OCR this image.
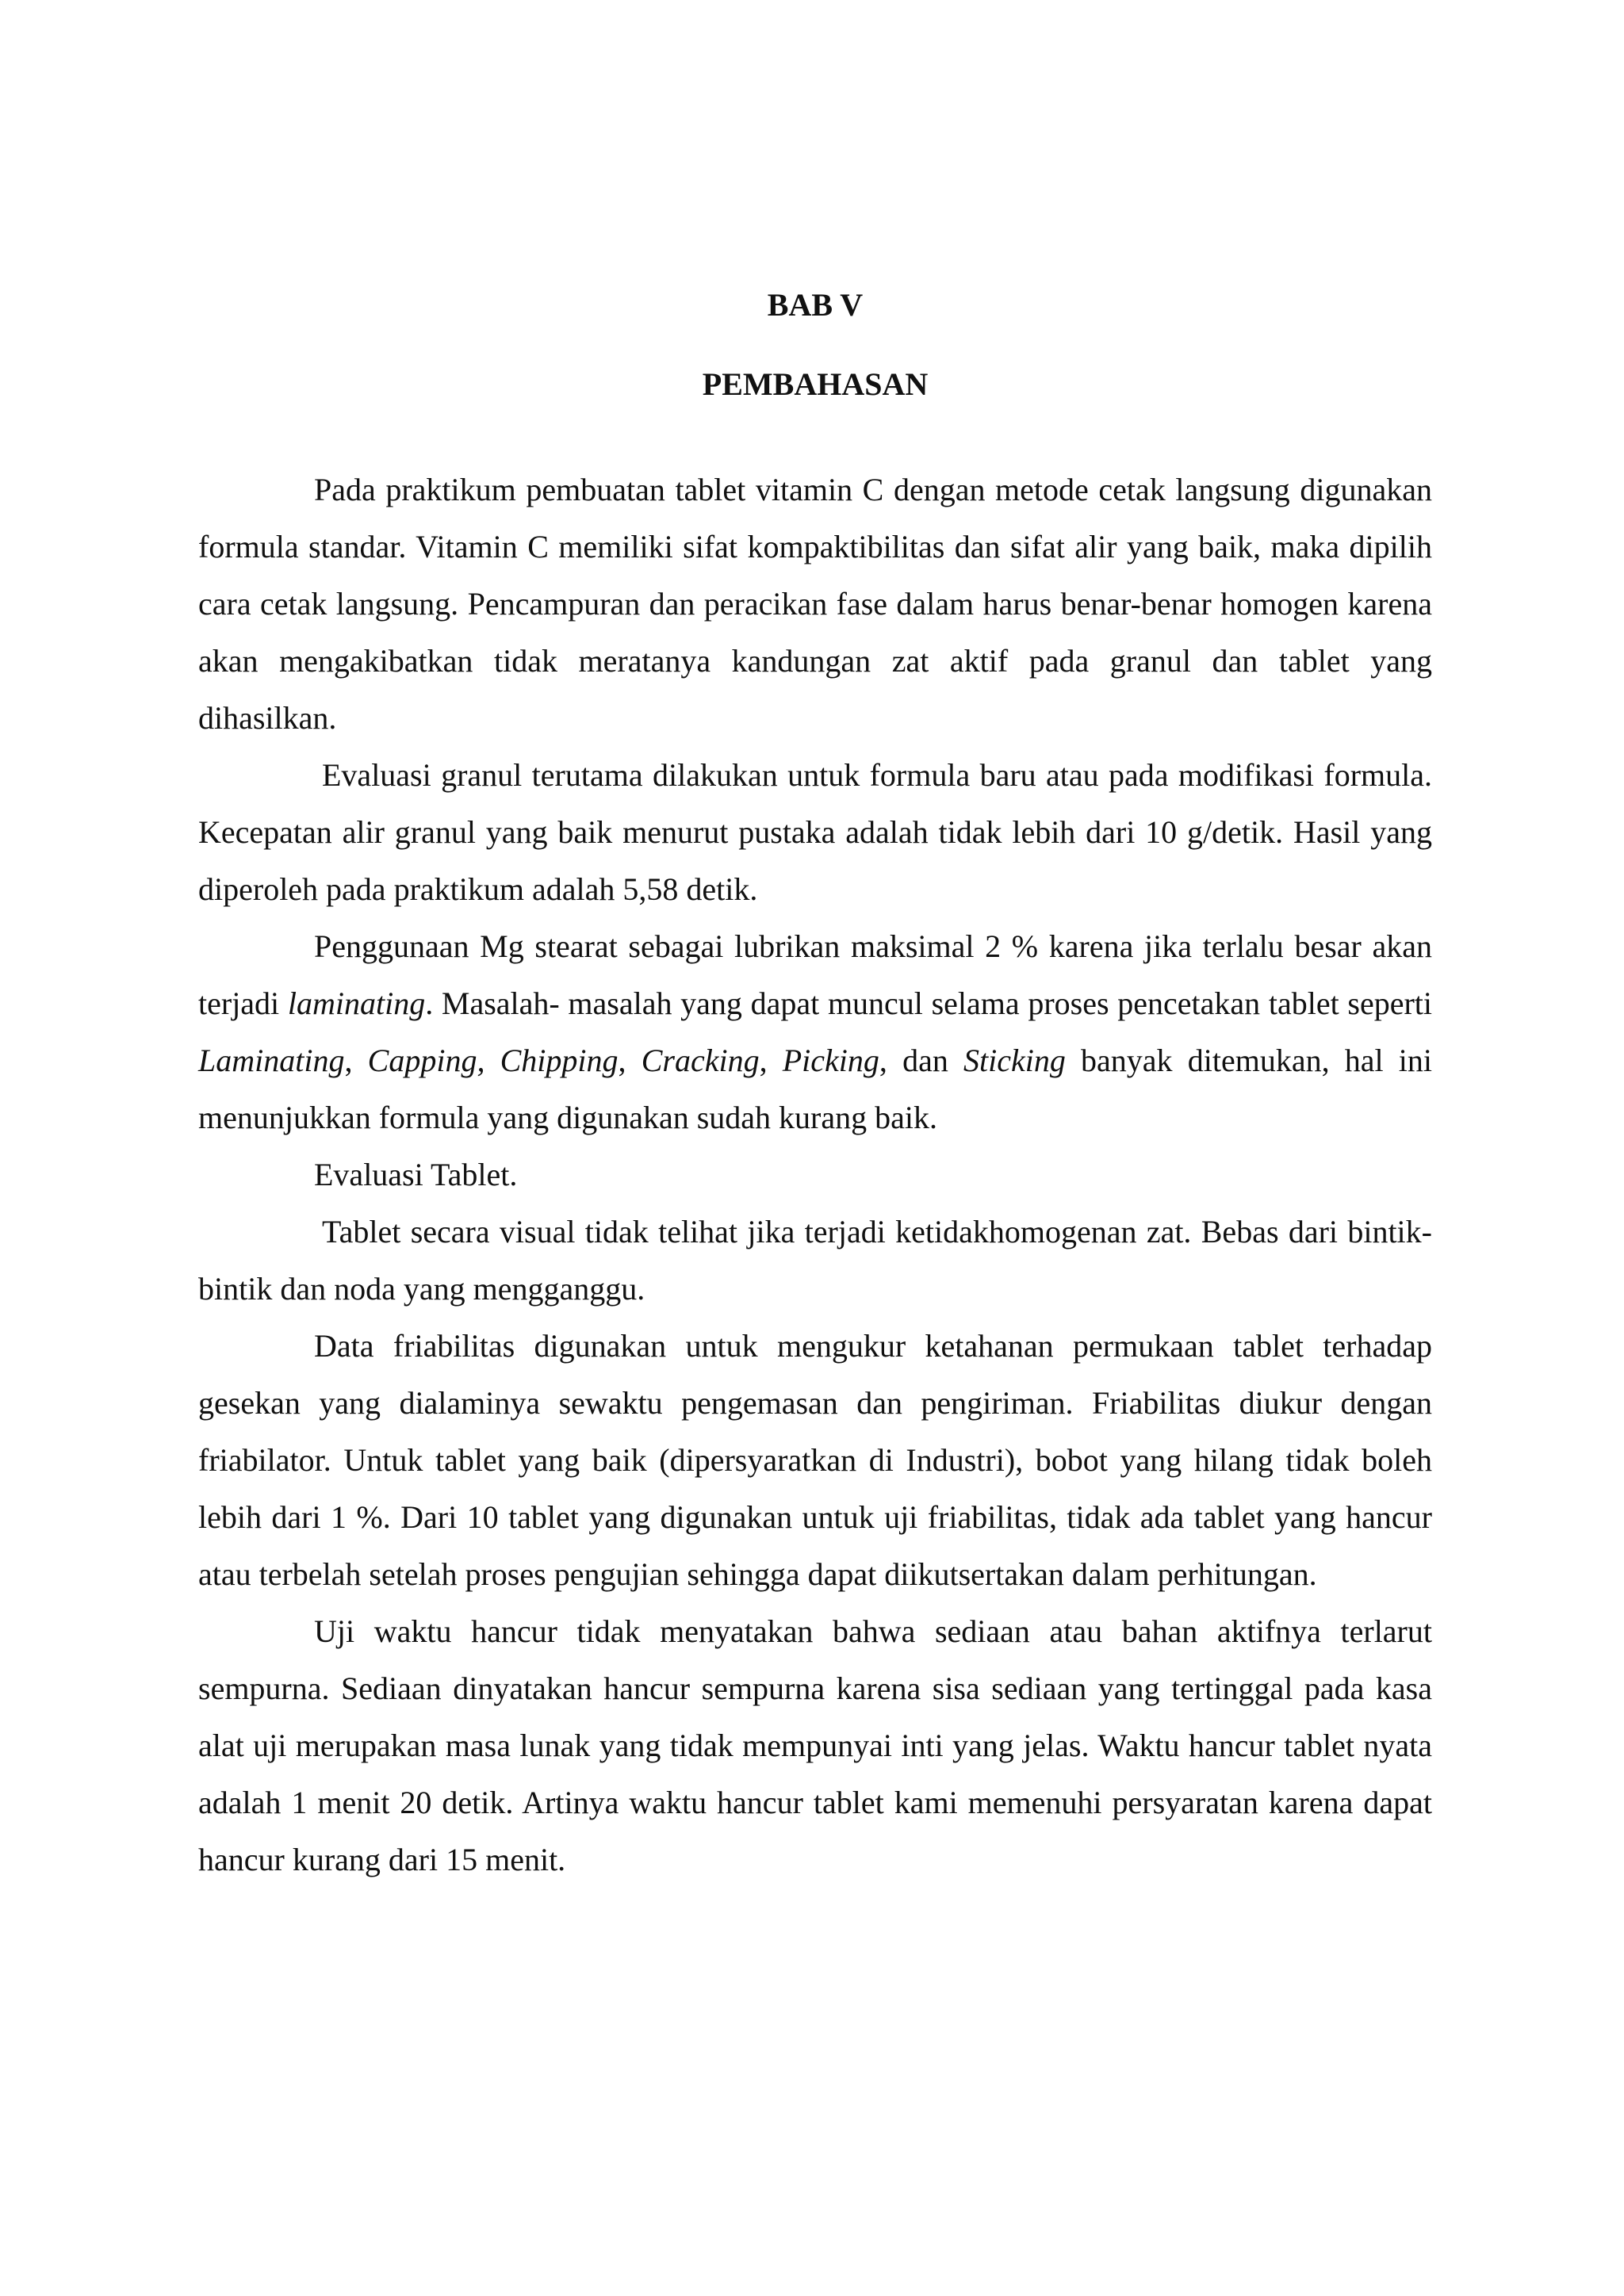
BAB V
PEMBAHASAN

Pada praktikum pembuatan tablet vitamin C dengan metode cetak langsung digunakan formula standar. Vitamin C memiliki sifat kompaktibilitas dan sifat alir yang baik, maka dipilih cara cetak langsung. Pencampuran dan peracikan fase dalam harus benar-benar homogen karena akan mengakibatkan tidak meratanya kandungan zat aktif pada granul dan tablet yang dihasilkan.

Evaluasi granul terutama dilakukan untuk formula baru atau pada modifikasi formula. Kecepatan alir granul yang baik menurut pustaka adalah tidak lebih dari 10 g/detik. Hasil yang diperoleh pada praktikum adalah 5,58 detik.

Penggunaan Mg stearat sebagai lubrikan maksimal 2 % karena jika terlalu besar akan terjadi laminating. Masalah- masalah yang dapat muncul selama proses pencetakan tablet seperti Laminating, Capping, Chipping, Cracking, Picking, dan Sticking banyak ditemukan, hal ini menunjukkan formula yang digunakan sudah kurang baik.

Evaluasi Tablet.

Tablet secara visual tidak telihat jika terjadi ketidakhomogenan zat. Bebas dari bintik-bintik dan noda yang mengganggu.

Data friabilitas digunakan untuk mengukur ketahanan permukaan tablet terhadap gesekan yang dialaminya sewaktu pengemasan dan pengiriman. Friabilitas diukur dengan friabilator. Untuk tablet yang baik (dipersyaratkan di Industri), bobot yang hilang tidak boleh lebih dari 1 %. Dari 10 tablet yang digunakan untuk uji friabilitas, tidak ada tablet yang hancur atau terbelah setelah proses pengujian sehingga dapat diikutsertakan dalam perhitungan.

Uji waktu hancur tidak menyatakan bahwa sediaan atau bahan aktifnya terlarut sempurna. Sediaan dinyatakan hancur sempurna karena sisa sediaan yang tertinggal pada kasa alat uji merupakan masa lunak yang tidak mempunyai inti yang jelas. Waktu hancur tablet nyata adalah 1 menit 20 detik. Artinya waktu hancur tablet kami memenuhi persyaratan karena dapat hancur kurang dari 15 menit.
